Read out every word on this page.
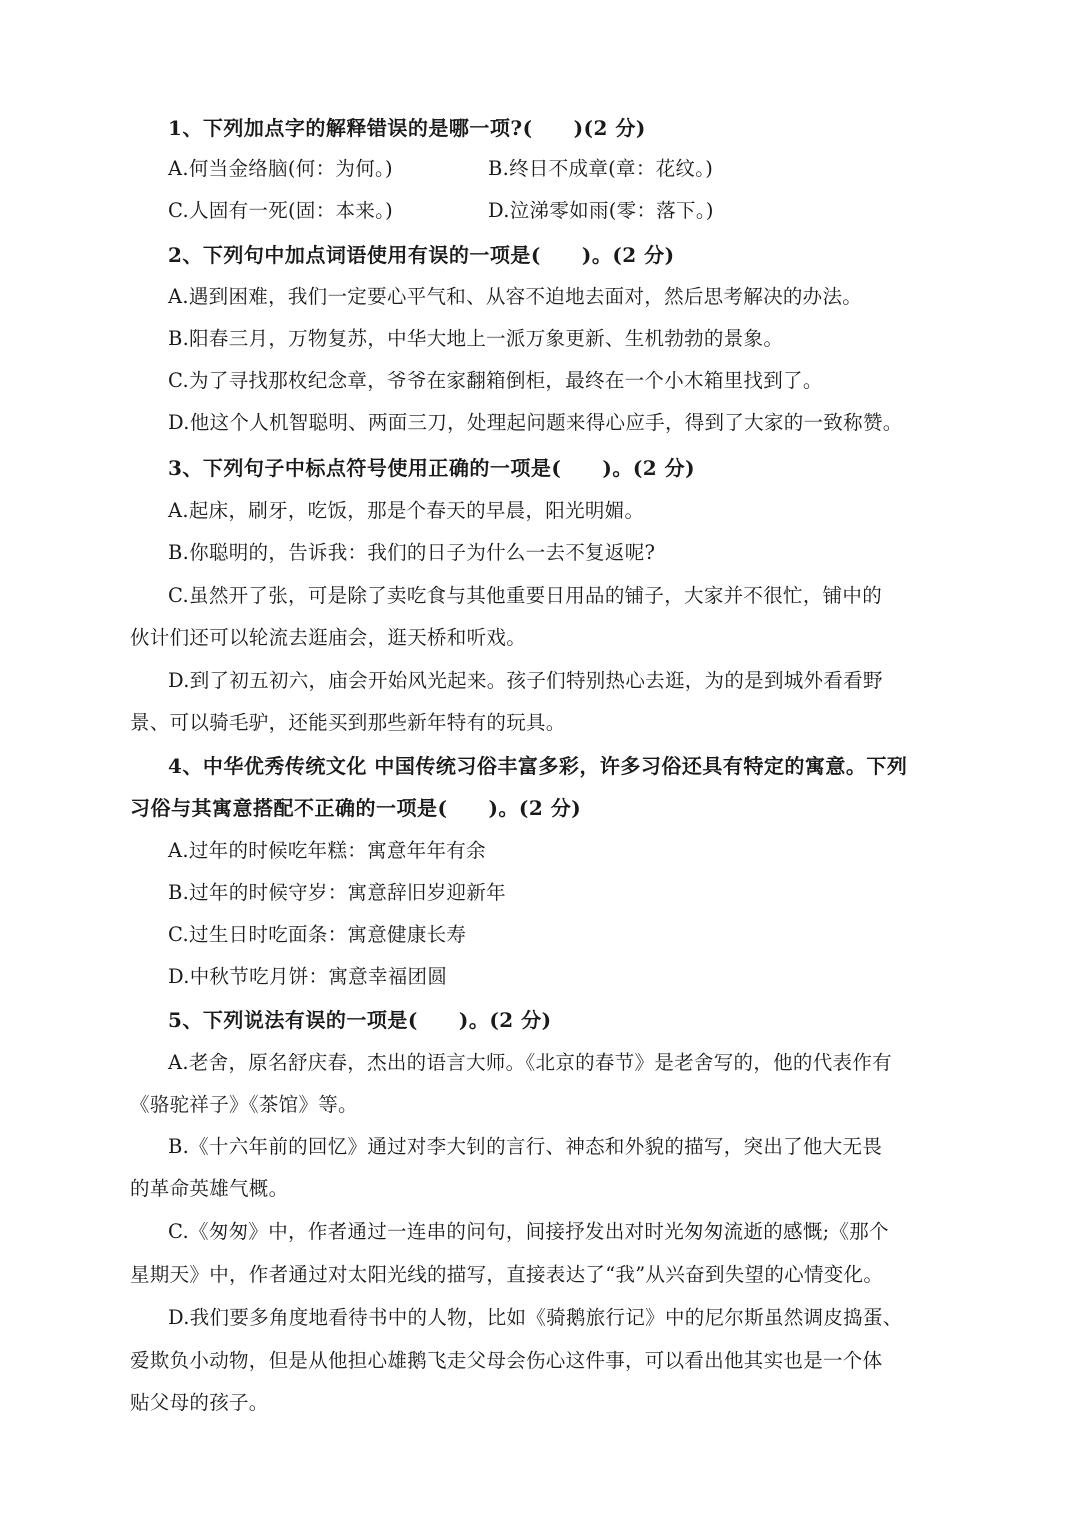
1、下列加点字的解释错误的是哪一项?(　　)(2 分)
A.何当金络脑(何：为何。)	B.终日不成章(章：花纹。)
C.人固有一死(固：本来。)	D.泣涕零如雨(零：落下。)
2、下列句中加点词语使用有误的一项是(　　)。(2 分)
A.遇到困难，我们一定要心平气和、从容不迫地去面对，然后思考解决的办法。
B.阳春三月，万物复苏，中华大地上一派万象更新、生机勃勃的景象。
C.为了寻找那枚纪念章，爷爷在家翻箱倒柜，最终在一个小木箱里找到了。
D.他这个人机智聪明、两面三刀，处理起问题来得心应手，得到了大家的一致称赞。
3、下列句子中标点符号使用正确的一项是(　　)。(2 分)
A.起床，刷牙，吃饭，那是个春天的早晨，阳光明媚。
B.你聪明的，告诉我：我们的日子为什么一去不复返呢?
C.虽然开了张，可是除了卖吃食与其他重要日用品的铺子，大家并不很忙，铺中的
伙计们还可以轮流去逛庙会，逛天桥和听戏。
D.到了初五初六，庙会开始风光起来。孩子们特别热心去逛，为的是到城外看看野
景、可以骑毛驴，还能买到那些新年特有的玩具。
4、中华优秀传统文化 中国传统习俗丰富多彩，许多习俗还具有特定的寓意。下列
习俗与其寓意搭配不正确的一项是(　　)。(2 分)
A.过年的时候吃年糕：寓意年年有余
B.过年的时候守岁：寓意辞旧岁迎新年
C.过生日时吃面条：寓意健康长寿
D.中秋节吃月饼：寓意幸福团圆
5、下列说法有误的一项是(　　)。(2 分)
A.老舍，原名舒庆春，杰出的语言大师。《北京的春节》是老舍写的，他的代表作有
《骆驼祥子》《茶馆》等。
B.《十六年前的回忆》通过对李大钊的言行、神态和外貌的描写，突出了他大无畏
的革命英雄气概。
C.《匆匆》中，作者通过一连串的问句，间接抒发出对时光匆匆流逝的感慨;《那个
星期天》中，作者通过对太阳光线的描写，直接表达了“我”从兴奋到失望的心情变化。
D.我们要多角度地看待书中的人物，比如《骑鹅旅行记》中的尼尔斯虽然调皮捣蛋、
爱欺负小动物，但是从他担心雄鹅飞走父母会伤心这件事，可以看出他其实也是一个体
贴父母的孩子。
